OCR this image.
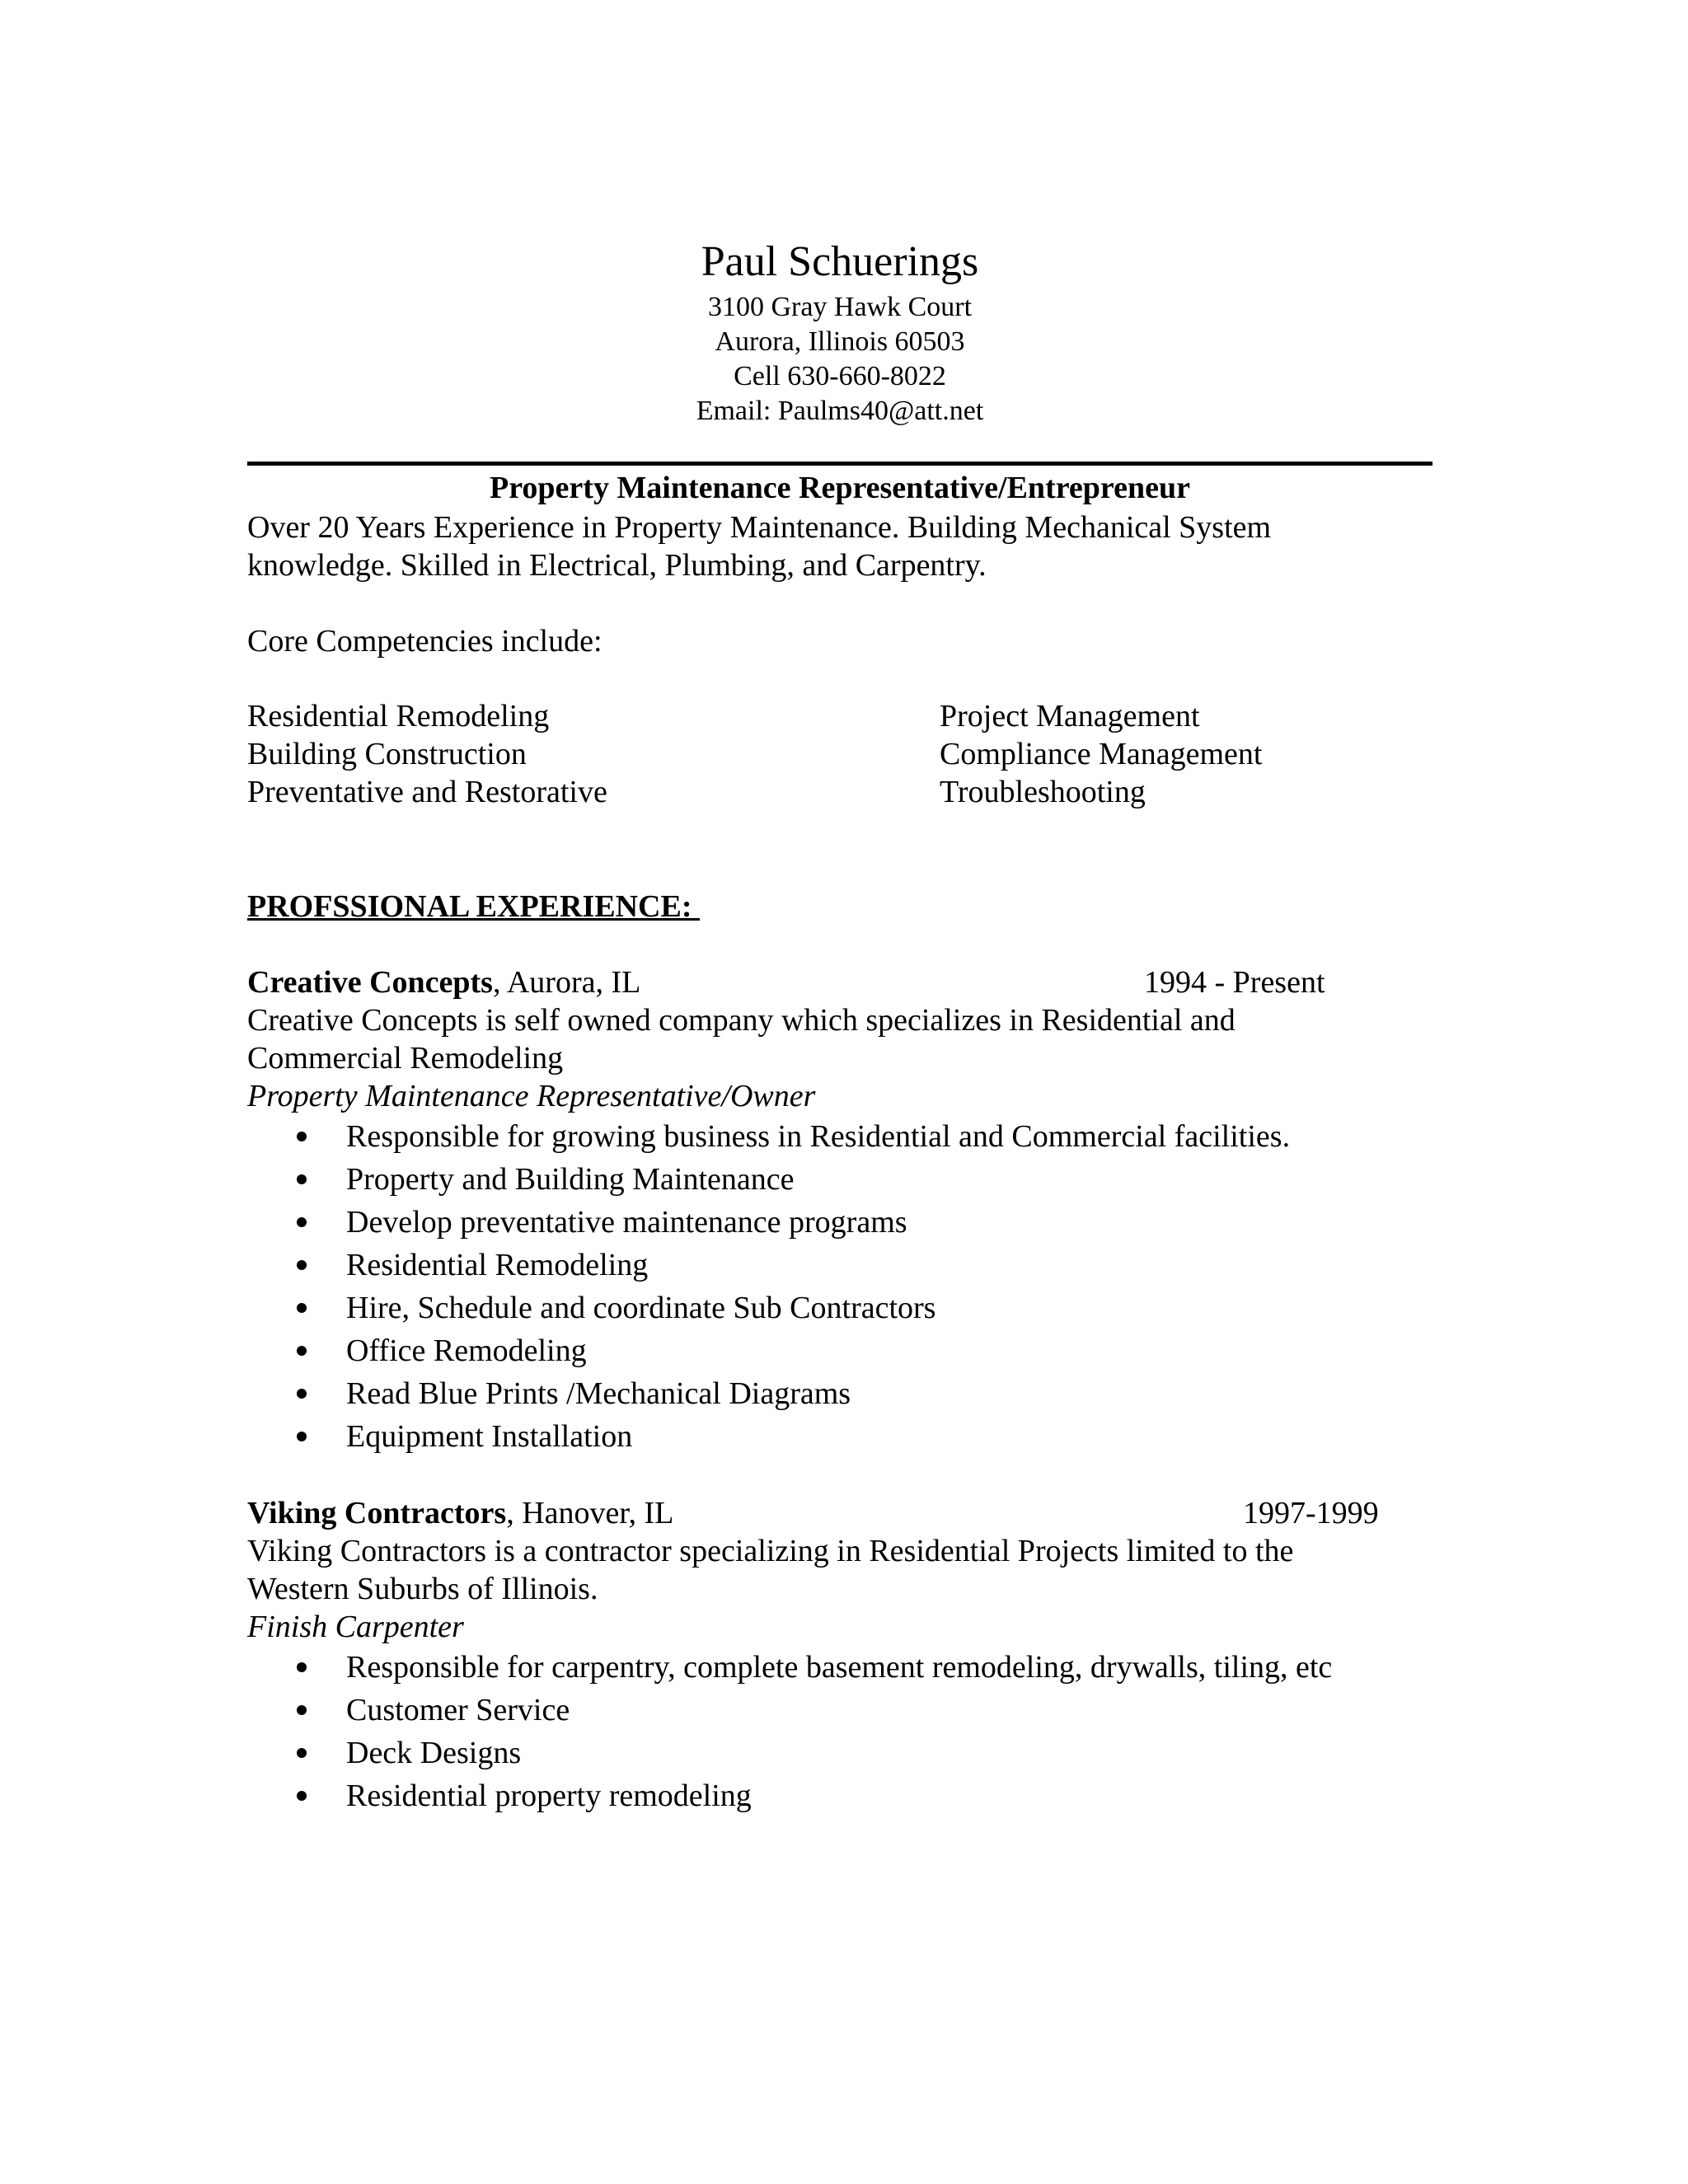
Paul Schuerings
3100 Gray Hawk Court
Aurora, Illinois 60503
Cell 630-660-8022
Email: Paulms40@att.net
Property Maintenance Representative/Entrepreneur
Over 20 Years Experience in Property Maintenance. Building Mechanical System
knowledge. Skilled in Electrical, Plumbing, and Carpentry.
Core Competencies include:
Residential Remodeling	Project Management
Building Construction	Compliance Management
Preventative and Restorative	Troubleshooting
PROFSSIONAL EXPERIENCE:
Creative Concepts, Aurora, IL	1994 - Present
Creative Concepts is self owned company which specializes in Residential and
Commercial Remodeling
Property Maintenance Representative/Owner
Responsible for growing business in Residential and Commercial facilities.
Property and Building Maintenance
Develop preventative maintenance programs
Residential Remodeling
Hire, Schedule and coordinate Sub Contractors
Office Remodeling
Read Blue Prints /Mechanical Diagrams
Equipment Installation
Viking Contractors, Hanover, IL	1997-1999
Viking Contractors is a contractor specializing in Residential Projects limited to the
Western Suburbs of Illinois.
Finish Carpenter
Responsible for carpentry, complete basement remodeling, drywalls, tiling, etc
Customer Service
Deck Designs
Residential property remodeling
